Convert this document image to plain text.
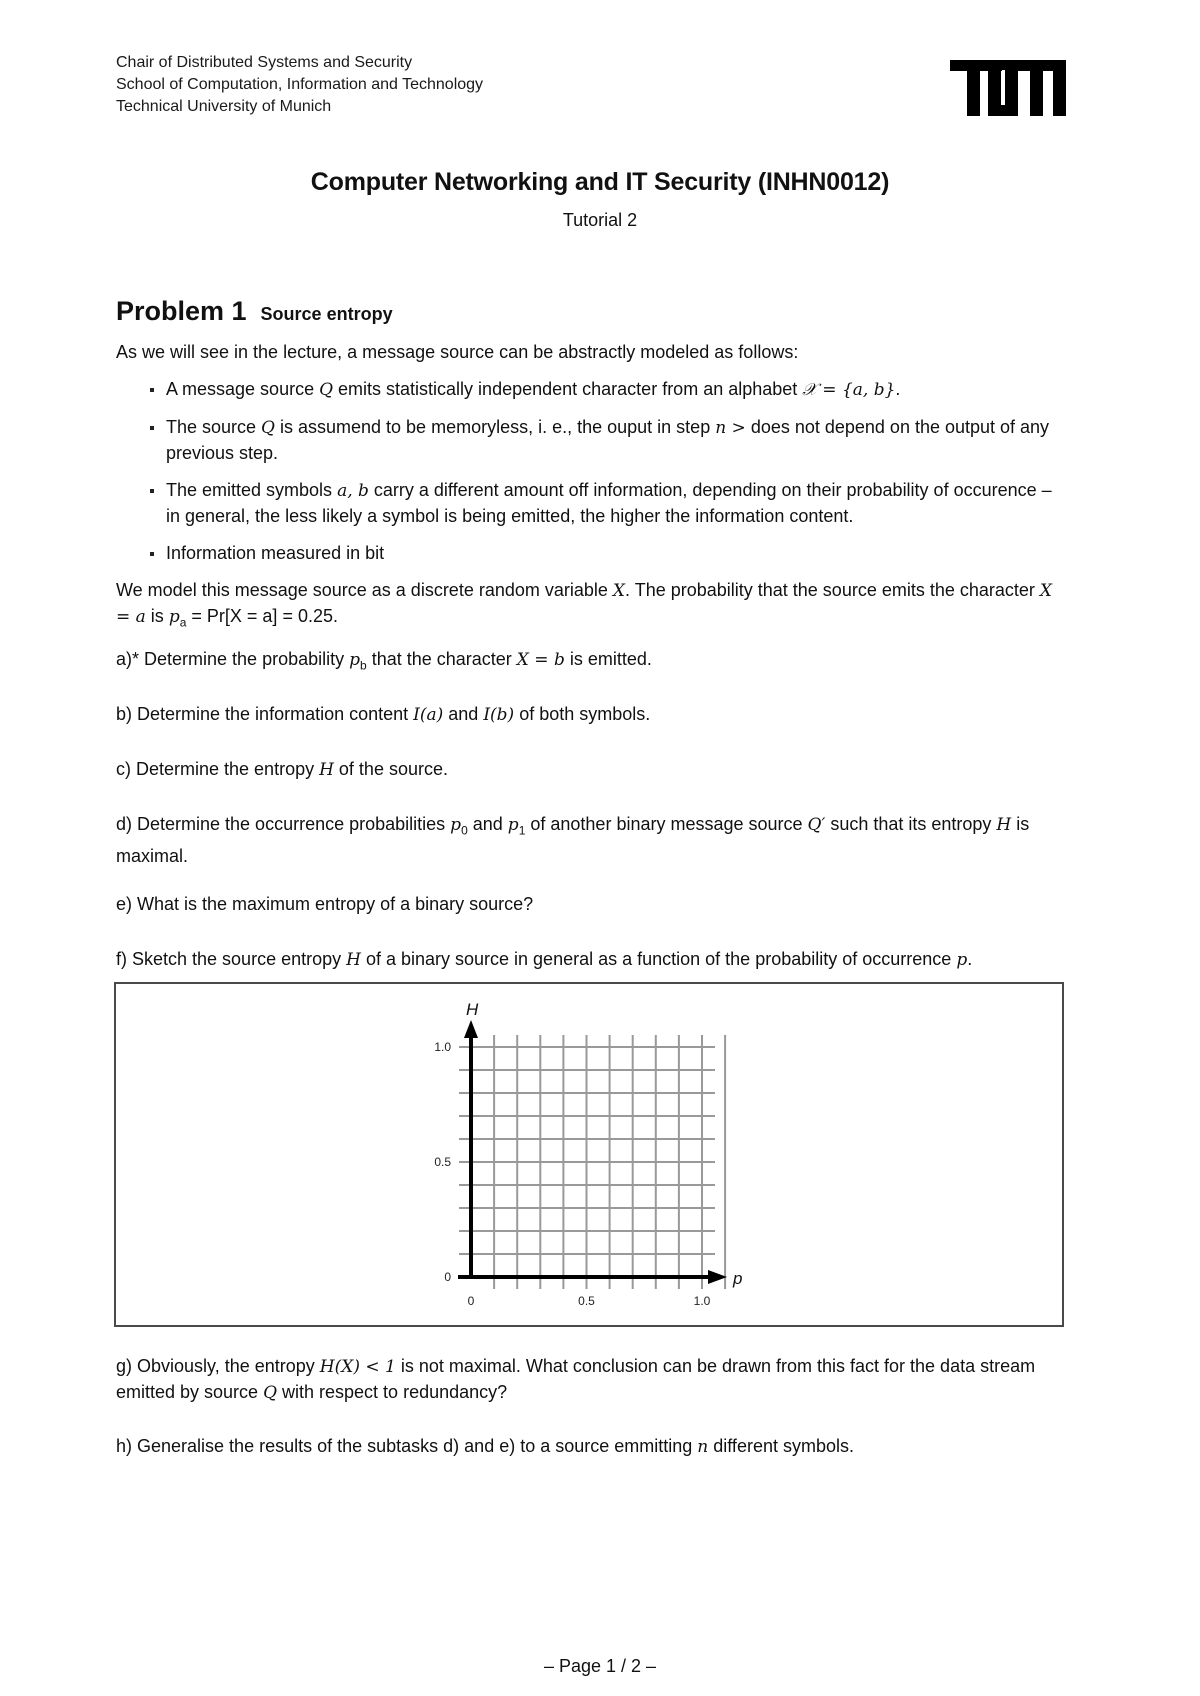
Chair of Distributed Systems and Security
School of Computation, Information and Technology
Technical University of Munich
Computer Networking and IT Security (INHN0012)
Tutorial 2
Problem 1 Source entropy
As we will see in the lecture, a message source can be abstractly modeled as follows:
A message source Q emits statistically independent character from an alphabet 𝒳 = {a, b}.
The source Q is assumend to be memoryless, i. e., the ouput in step n > does not depend on the output of any previous step.
The emitted symbols a, b carry a different amount off information, depending on their probability of occurence – in general, the less likely a symbol is being emitted, the higher the information content.
Information measured in bit
We model this message source as a discrete random variable X. The probability that the source emits the character X = a is $p_a = Pr[X = a] = 0.25$.
a)* Determine the probability $p_b$ that the character X = b is emitted.
b) Determine the information content I(a) and I(b) of both symbols.
c) Determine the entropy H of the source.
d) Determine the occurrence probabilities $p_0$ and $p_1$ of another binary message source Q′ such that its entropy H is maximal.
e) What is the maximum entropy of a binary source?
f) Sketch the source entropy H of a binary source in general as a function of the probability of occurrence p.
0
0.5
1.0
0	0.5	1.0
H
p
g) Obviously, the entropy H(X) < 1 is not maximal. What conclusion can be drawn from this fact for the data stream emitted by source Q with respect to redundancy?
h) Generalise the results of the subtasks d) and e) to a source emmitting n different symbols.
– Page 1 / 2 –
